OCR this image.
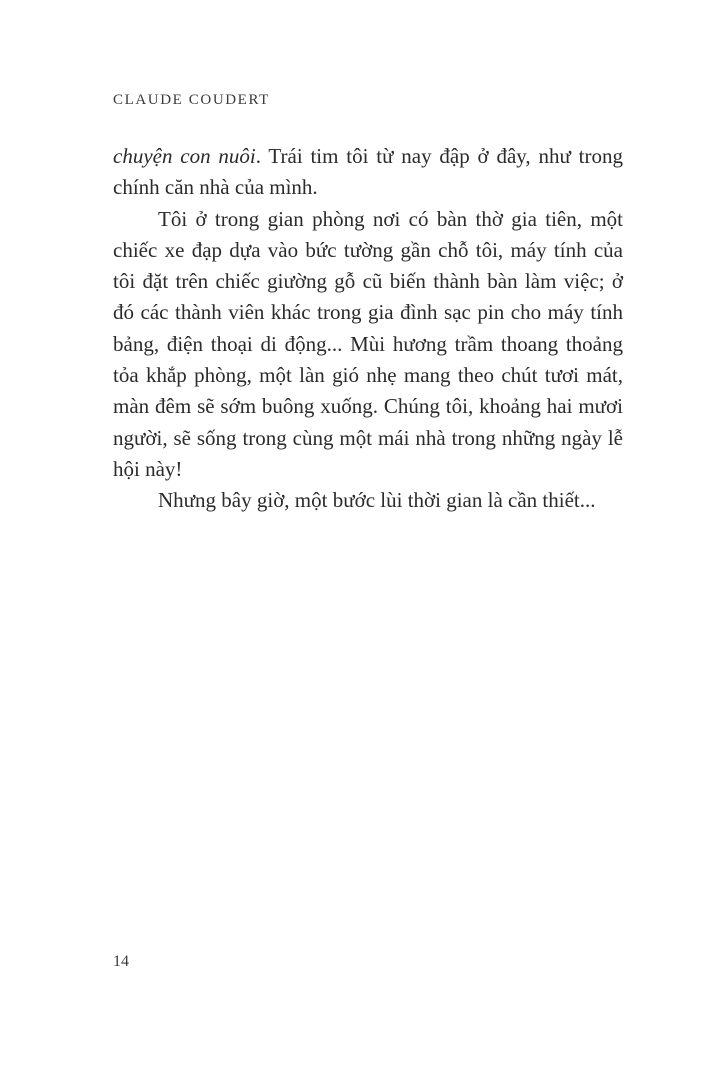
CLAUDE COUDERT

chuyện con nuôi. Trái tim tôi từ nay đập ở đây, như trong chính căn nhà của mình.

Tôi ở trong gian phòng nơi có bàn thờ gia tiên, một chiếc xe đạp dựa vào bức tường gần chỗ tôi, máy tính của tôi đặt trên chiếc giường gỗ cũ biến thành bàn làm việc; ở đó các thành viên khác trong gia đình sạc pin cho máy tính bảng, điện thoại di động... Mùi hương trầm thoang thoảng tỏa khắp phòng, một làn gió nhẹ mang theo chút tươi mát, màn đêm sẽ sớm buông xuống. Chúng tôi, khoảng hai mươi người, sẽ sống trong cùng một mái nhà trong những ngày lễ hội này!

Nhưng bây giờ, một bước lùi thời gian là cần thiết...

14
